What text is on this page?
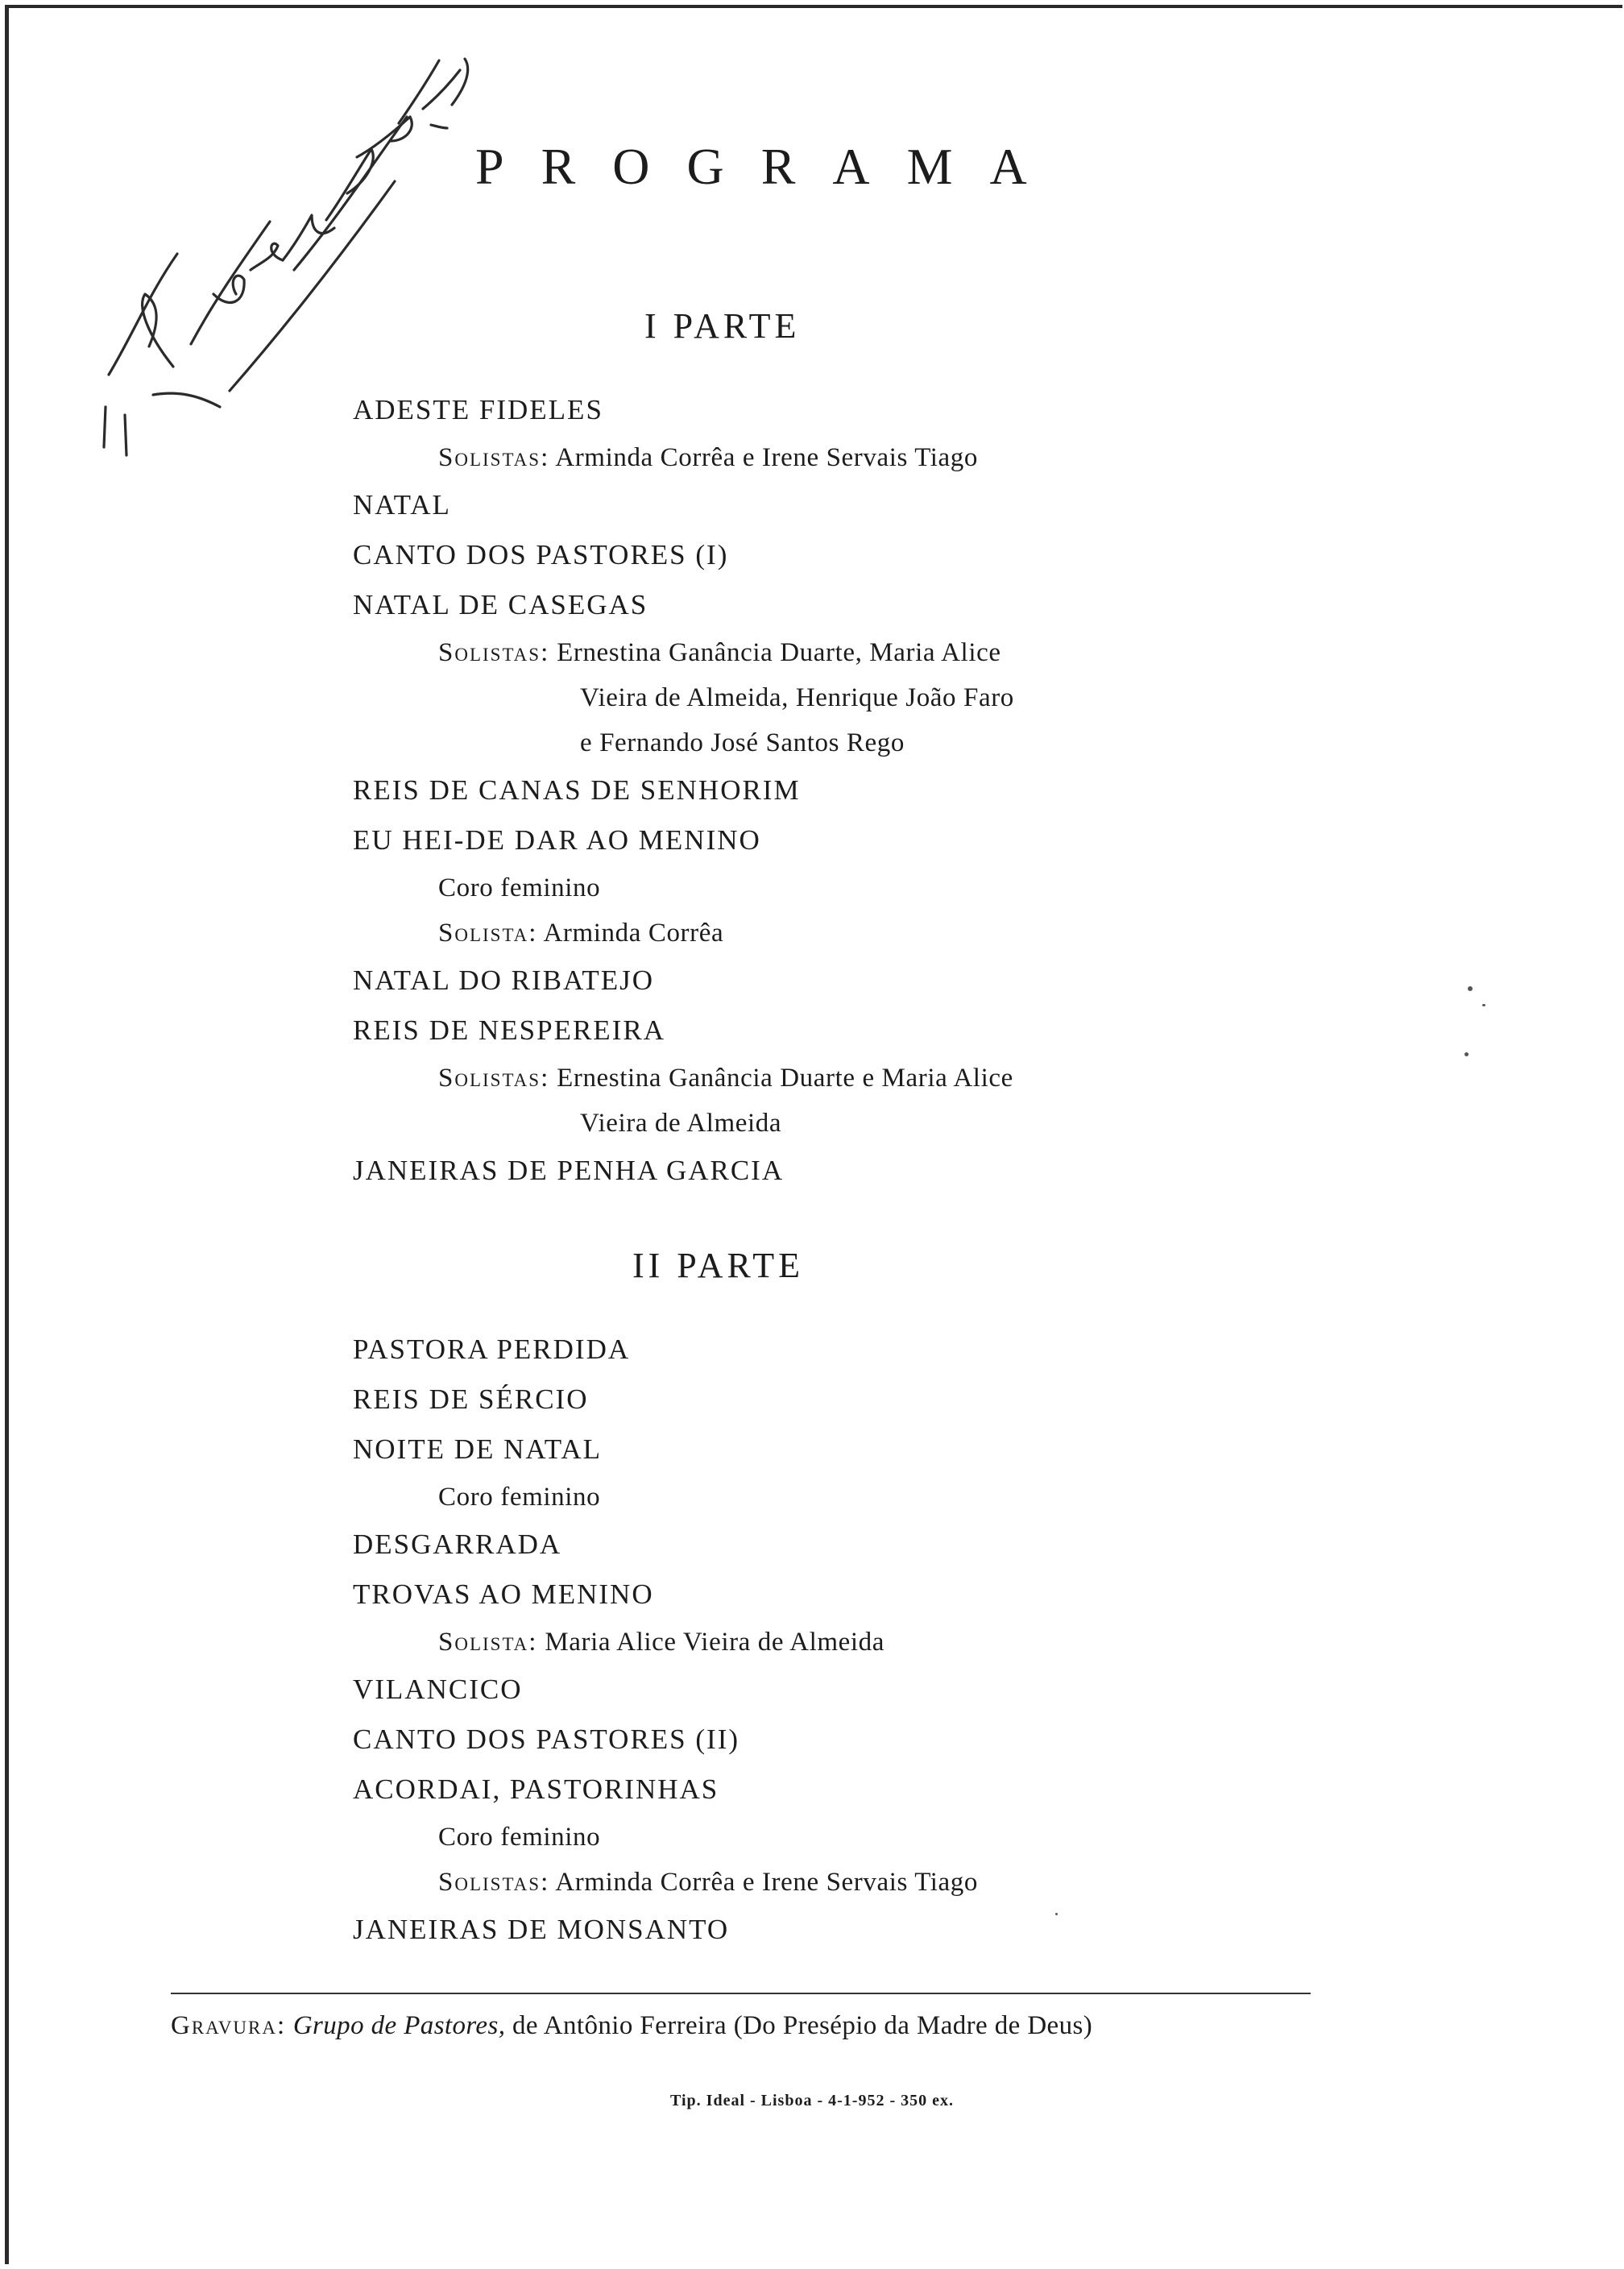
PROGRAMA
I PARTE
ADESTE FIDELES
Solistas: Arminda Corrêa e Irene Servais Tiago
NATAL
CANTO DOS PASTORES (I)
NATAL DE CASEGAS
Solistas: Ernestina Ganância Duarte, Maria Alice
Vieira de Almeida, Henrique João Faro
e Fernando José Santos Rego
REIS DE CANAS DE SENHORIM
EU HEI-DE DAR AO MENINO
Coro feminino
Solista: Arminda Corrêa
NATAL DO RIBATEJO
REIS DE NESPEREIRA
Solistas: Ernestina Ganância Duarte e Maria Alice
Vieira de Almeida
JANEIRAS DE PENHA GARCIA
II PARTE
PASTORA PERDIDA
REIS DE SÉRCIO
NOITE DE NATAL
Coro feminino
DESGARRADA
TROVAS AO MENINO
Solista: Maria Alice Vieira de Almeida
VILANCICO
CANTO DOS PASTORES (II)
ACORDAI, PASTORINHAS
Coro feminino
Solistas: Arminda Corrêa e Irene Servais Tiago
JANEIRAS DE MONSANTO

Gravura: Grupo de Pastores, de Antônio Ferreira (Do Presépio da Madre de Deus)

Tip. Ideal - Lisboa - 4-1-952 - 350 ex.
